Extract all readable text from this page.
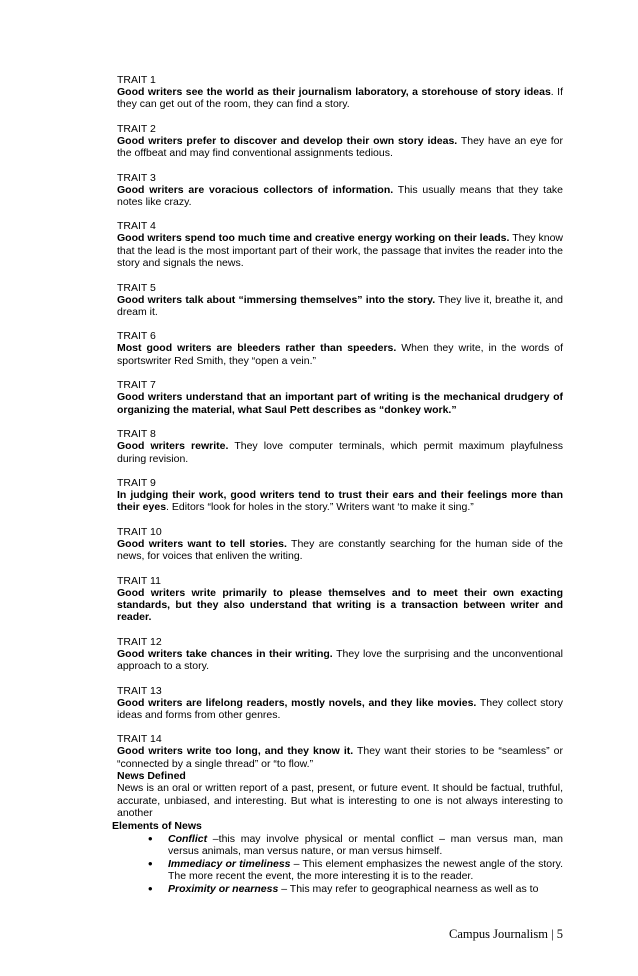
TRAIT 1
Good writers see the world as their journalism laboratory, a storehouse of story ideas. If they can get out of the room, they can find a story.
TRAIT 2
Good writers prefer to discover and develop their own story ideas. They have an eye for the offbeat and may find conventional assignments tedious.
TRAIT 3
Good writers are voracious collectors of information. This usually means that they take notes like crazy.
TRAIT 4
Good writers spend too much time and creative energy working on their leads. They know that the lead is the most important part of their work, the passage that invites the reader into the story and signals the news.
TRAIT 5
Good writers talk about “immersing themselves” into the story. They live it, breathe it, and dream it.
TRAIT 6
Most good writers are bleeders rather than speeders. When they write, in the words of sportswriter Red Smith, they “open a vein.”
TRAIT 7
Good writers understand that an important part of writing is the mechanical drudgery of organizing the material, what Saul Pett describes as “donkey work.”
TRAIT 8
Good writers rewrite. They love computer terminals, which permit maximum playfulness during revision.
TRAIT 9
In judging their work, good writers tend to trust their ears and their feelings more than their eyes. Editors “look for holes in the story.” Writers want ‘to make it sing.”
TRAIT 10
Good writers want to tell stories. They are constantly searching for the human side of the news, for voices that enliven the writing.
TRAIT 11
Good writers write primarily to please themselves and to meet their own exacting standards, but they also understand that writing is a transaction between writer and reader.
TRAIT 12
Good writers take chances in their writing. They love the surprising and the unconventional approach to a story.
TRAIT 13
Good writers are lifelong readers, mostly novels, and they like movies. They collect story ideas and forms from other genres.
TRAIT 14
Good writers write too long, and they know it. They want their stories to be “seamless” or “connected by a single thread” or “to flow.”
News Defined
News is an oral or written report of a past, present, or future event. It should be factual, truthful, accurate, unbiased, and interesting. But what is interesting to one is not always interesting to another
Elements of News
• Conflict –this may involve physical or mental conflict – man versus man, man versus animals, man versus nature, or man versus himself.
• Immediacy or timeliness – This element emphasizes the newest angle of the story. The more recent the event, the more interesting it is to the reader.
• Proximity or nearness – This may refer to geographical nearness as well as to
Campus Journalism | 5
